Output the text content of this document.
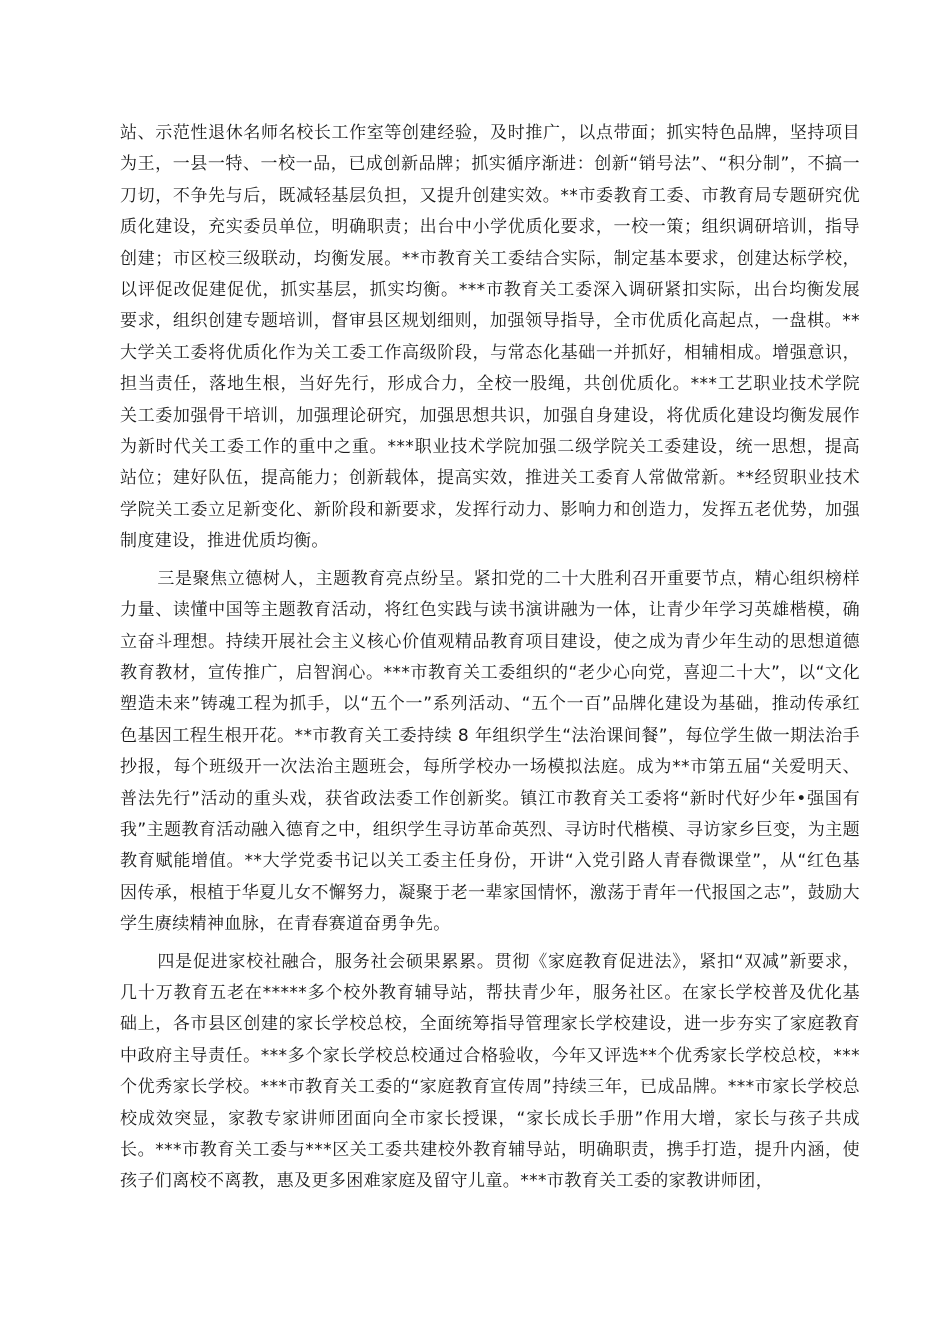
站、示范性退休名师名校长工作室等创建经验，及时推广，以点带面；抓实特色品牌，坚持项目为王，一县一特、一校一品，已成创新品牌；抓实循序渐进：创新“销号法”、“积分制”，不搞一刀切，不争先与后，既减轻基层负担，又提升创建实效。**市委教育工委、市教育局专题研究优质化建设，充实委员单位，明确职责；出台中小学优质化要求，一校一策；组织调研培训，指导创建；市区校三级联动，均衡发展。**市教育关工委结合实际，制定基本要求，创建达标学校，以评促改促建促优，抓实基层，抓实均衡。***市教育关工委深入调研紧扣实际，出台均衡发展要求，组织创建专题培训，督审县区规划细则，加强领导指导，全市优质化高起点，一盘棋。**大学关工委将优质化作为关工委工作高级阶段，与常态化基础一并抓好，相辅相成。增强意识，担当责任，落地生根，当好先行，形成合力，全校一股绳，共创优质化。***工艺职业技术学院关工委加强骨干培训，加强理论研究，加强思想共识，加强自身建设，将优质化建设均衡发展作为新时代关工委工作的重中之重。***职业技术学院加强二级学院关工委建设，统一思想，提高站位；建好队伍，提高能力；创新载体，提高实效，推进关工委育人常做常新。**经贸职业技术学院关工委立足新变化、新阶段和新要求，发挥行动力、影响力和创造力，发挥五老优势，加强制度建设，推进优质均衡。

三是聚焦立德树人，主题教育亮点纷呈。紧扣党的二十大胜利召开重要节点，精心组织榜样力量、读懂中国等主题教育活动，将红色实践与读书演讲融为一体，让青少年学习英雄楷模，确立奋斗理想。持续开展社会主义核心价值观精品教育项目建设，使之成为青少年生动的思想道德教育教材，宣传推广，启智润心。***市教育关工委组织的“老少心向党，喜迎二十大”，以“文化塑造未来”铸魂工程为抓手，以“五个一”系列活动、“五个一百”品牌化建设为基础，推动传承红色基因工程生根开花。**市教育关工委持续 8 年组织学生“法治课间餐”，每位学生做一期法治手抄报，每个班级开一次法治主题班会，每所学校办一场模拟法庭。成为**市第五届“关爱明天、普法先行”活动的重头戏，获省政法委工作创新奖。镇江市教育关工委将“新时代好少年•强国有我”主题教育活动融入德育之中，组织学生寻访革命英烈、寻访时代楷模、寻访家乡巨变，为主题教育赋能增值。**大学党委书记以关工委主任身份，开讲“入党引路人青春微课堂”，从“红色基因传承，根植于华夏儿女不懈努力，凝聚于老一辈家国情怀，激荡于青年一代报国之志”，鼓励大学生赓续精神血脉，在青春赛道奋勇争先。

四是促进家校社融合，服务社会硕果累累。贯彻《家庭教育促进法》，紧扣“双减”新要求，几十万教育五老在*****多个校外教育辅导站，帮扶青少年，服务社区。在家长学校普及优化基础上，各市县区创建的家长学校总校，全面统筹指导管理家长学校建设，进一步夯实了家庭教育中政府主导责任。***多个家长学校总校通过合格验收，今年又评选**个优秀家长学校总校，***个优秀家长学校。***市教育关工委的“家庭教育宣传周”持续三年，已成品牌。***市家长学校总校成效突显，家教专家讲师团面向全市家长授课，“家长成长手册”作用大增，家长与孩子共成长。***市教育关工委与***区关工委共建校外教育辅导站，明确职责，携手打造，提升内涵，使孩子们离校不离教，惠及更多困难家庭及留守儿童。***市教育关工委的家教讲师团，
